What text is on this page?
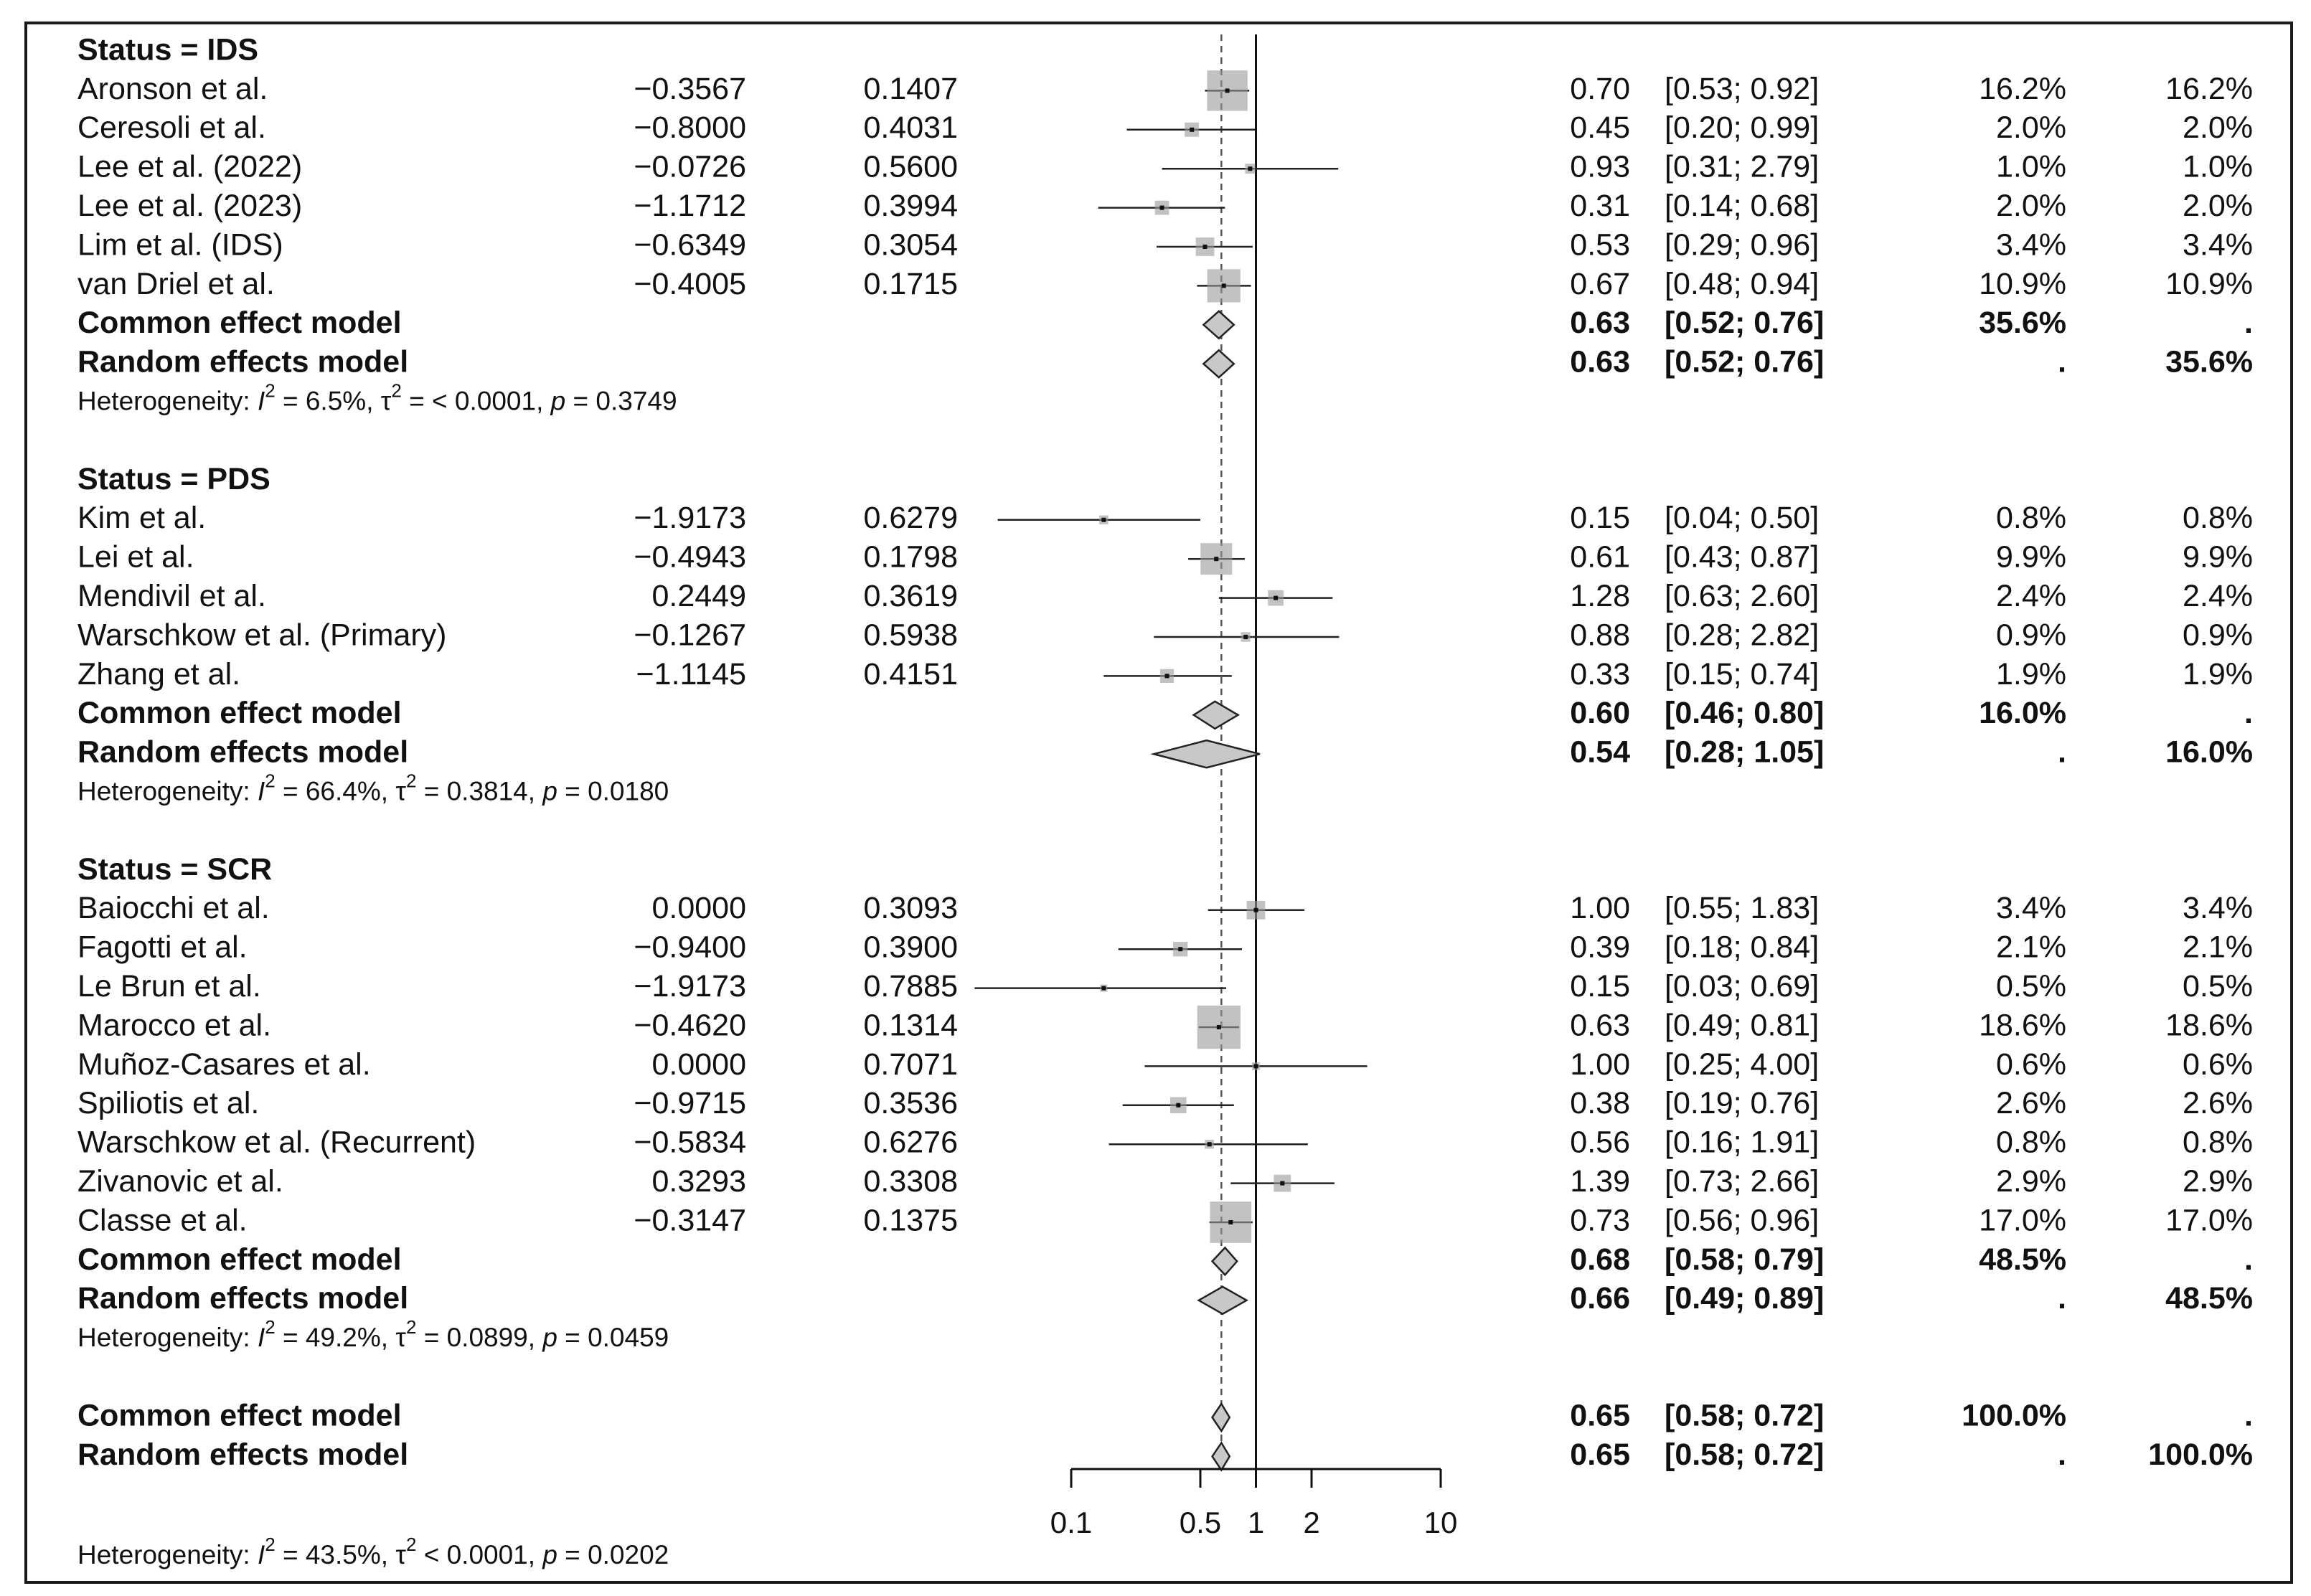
Status = IDS
Aronson et al.	−0.3567	0.1407	0.70 [0.53; 0.92]	16.2%	16.2%
Ceresoli et al.	−0.8000	0.4031	0.45 [0.20; 0.99]	2.0%	2.0%
Lee et al. (2022)	−0.0726	0.5600	0.93 [0.31; 2.79]	1.0%	1.0%
Lee et al. (2023)	−1.1712	0.3994	0.31 [0.14; 0.68]	2.0%	2.0%
Lim et al. (IDS)	−0.6349	0.3054	0.53 [0.29; 0.96]	3.4%	3.4%
van Driel et al.	−0.4005	0.1715	0.67 [0.48; 0.94]	10.9%	10.9%
Common effect model	0.63 [0.52; 0.76]	35.6%	.
Random effects model	0.63 [0.52; 0.76]	.	35.6%
Heterogeneity: $I^2 = 6.5\%$, $\tau^2$ = < 0.0001, p = 0.3749
Status = PDS
Kim et al.	−1.9173	0.6279	0.15 [0.04; 0.50]	0.8%	0.8%
Lei et al.	−0.4943	0.1798	0.61 [0.43; 0.87]	9.9%	9.9%
Mendivil et al.	0.2449	0.3619	1.28 [0.63; 2.60]	2.4%	2.4%
Warschkow et al. (Primary)	−0.1267	0.5938	0.88 [0.28; 2.82]	0.9%	0.9%
Zhang et al.	−1.1145	0.4151	0.33 [0.15; 0.74]	1.9%	1.9%
Common effect model	0.60 [0.46; 0.80]	16.0%	.
Random effects model	0.54 [0.28; 1.05]	.	16.0%
Heterogeneity: $I^2 = 66.4\%$, $\tau^2 = 0.3814$, p = 0.0180
Status = SCR
Baiocchi et al.	0.0000	0.3093	1.00 [0.55; 1.83]	3.4%	3.4%
Fagotti et al.	−0.9400	0.3900	0.39 [0.18; 0.84]	2.1%	2.1%
Le Brun et al.	−1.9173	0.7885	0.15 [0.03; 0.69]	0.5%	0.5%
Marocco et al.	−0.4620	0.1314	0.63 [0.49; 0.81]	18.6%	18.6%
Muñoz-Casares et al.	0.0000	0.7071	1.00 [0.25; 4.00]	0.6%	0.6%
Spiliotis et al.	−0.9715	0.3536	0.38 [0.19; 0.76]	2.6%	2.6%
Warschkow et al. (Recurrent)	−0.5834	0.6276	0.56 [0.16; 1.91]	0.8%	0.8%
Zivanovic et al.	0.3293	0.3308	1.39 [0.73; 2.66]	2.9%	2.9%
Classe et al.	−0.3147	0.1375	0.73 [0.56; 0.96]	17.0%	17.0%
Common effect model	0.68 [0.58; 0.79]	48.5%	.
Random effects model	0.66 [0.49; 0.89]	.	48.5%
Heterogeneity: $I^2 = 49.2\%$, $\tau^2 = 0.0899$, p = 0.0459
Common effect model	0.65 [0.58; 0.72]	100.0%	.
Random effects model	0.65 [0.58; 0.72]	.	100.0%
0.1	0.5 1 2	10
Heterogeneity: $I^2 = 43.5\%$, $\tau^2 < 0.0001$, p = 0.0202
